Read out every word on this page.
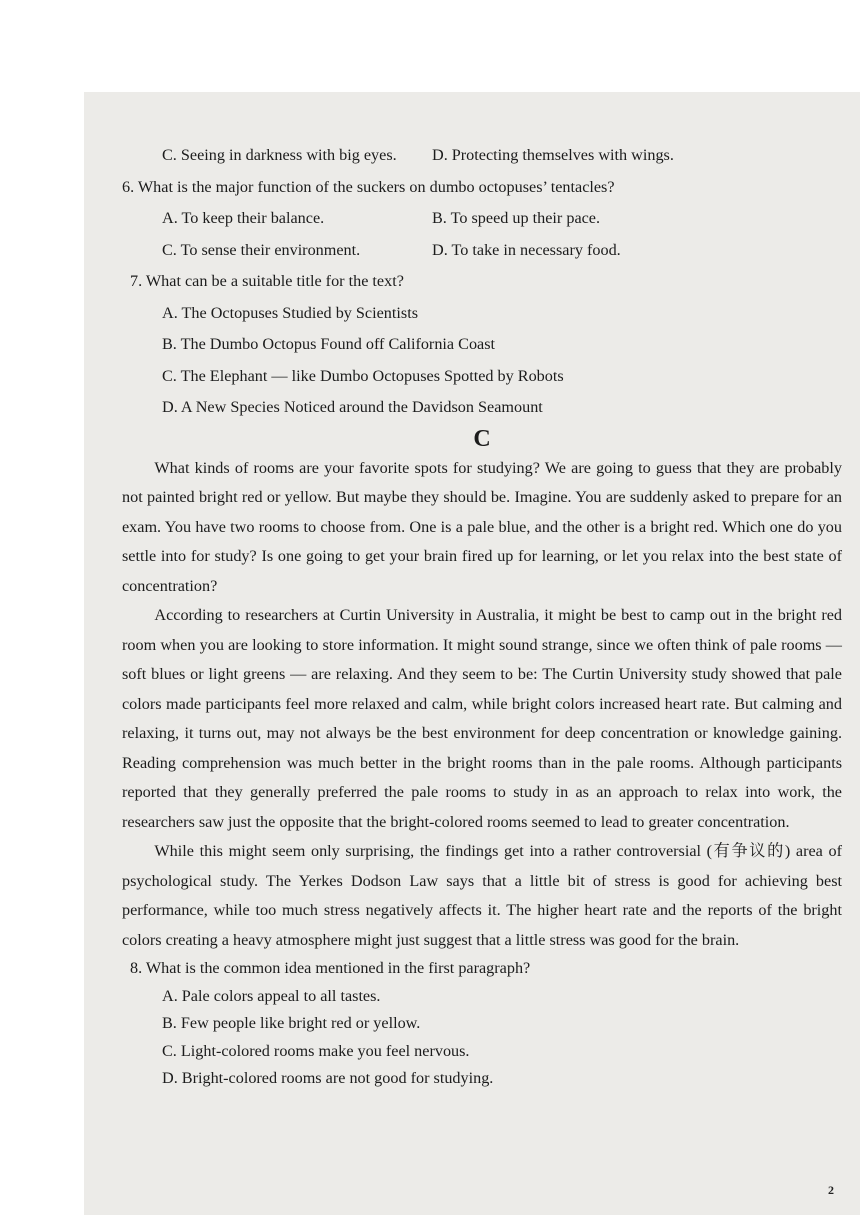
C. Seeing in darkness with big eyes. D. Protecting themselves with wings.
6. What is the major function of the suckers on dumbo octopuses’ tentacles?
A. To keep their balance.	B. To speed up their pace.
C. To sense their environment.	D. To take in necessary food.
7. What can be a suitable title for the text?
A. The Octopuses Studied by Scientists
B. The Dumbo Octopus Found off California Coast
C. The Elephant — like Dumbo Octopuses Spotted by Robots
D. A New Species Noticed around the Davidson Seamount
C

What kinds of rooms are your favorite spots for studying? We are going to guess that they are probably not painted bright red or yellow. But maybe they should be. Imagine. You are suddenly asked to prepare for an exam. You have two rooms to choose from. One is a pale blue, and the other is a bright red. Which one do you settle into for study? Is one going to get your brain fired up for learning, or let you relax into the best state of concentration?

According to researchers at Curtin University in Australia, it might be best to camp out in the bright red room when you are looking to store information. It might sound strange, since we often think of pale rooms — soft blues or light greens — are relaxing. And they seem to be: The Curtin University study showed that pale colors made participants feel more relaxed and calm, while bright colors increased heart rate. But calming and relaxing, it turns out, may not always be the best environment for deep concentration or knowledge gaining. Reading comprehension was much better in the bright rooms than in the pale rooms. Although participants reported that they generally preferred the pale rooms to study in as an approach to relax into work, the researchers saw just the opposite that the bright-colored rooms seemed to lead to greater concentration.

While this might seem only surprising, the findings get into a rather controversial (有争议的) area of psychological study. The Yerkes Dodson Law says that a little bit of stress is good for achieving best performance, while too much stress negatively affects it. The higher heart rate and the reports of the bright colors creating a heavy atmosphere might just suggest that a little stress was good for the brain.

8. What is the common idea mentioned in the first paragraph?
A. Pale colors appeal to all tastes.
B. Few people like bright red or yellow.
C. Light-colored rooms make you feel nervous.
D. Bright-colored rooms are not good for studying.
2
